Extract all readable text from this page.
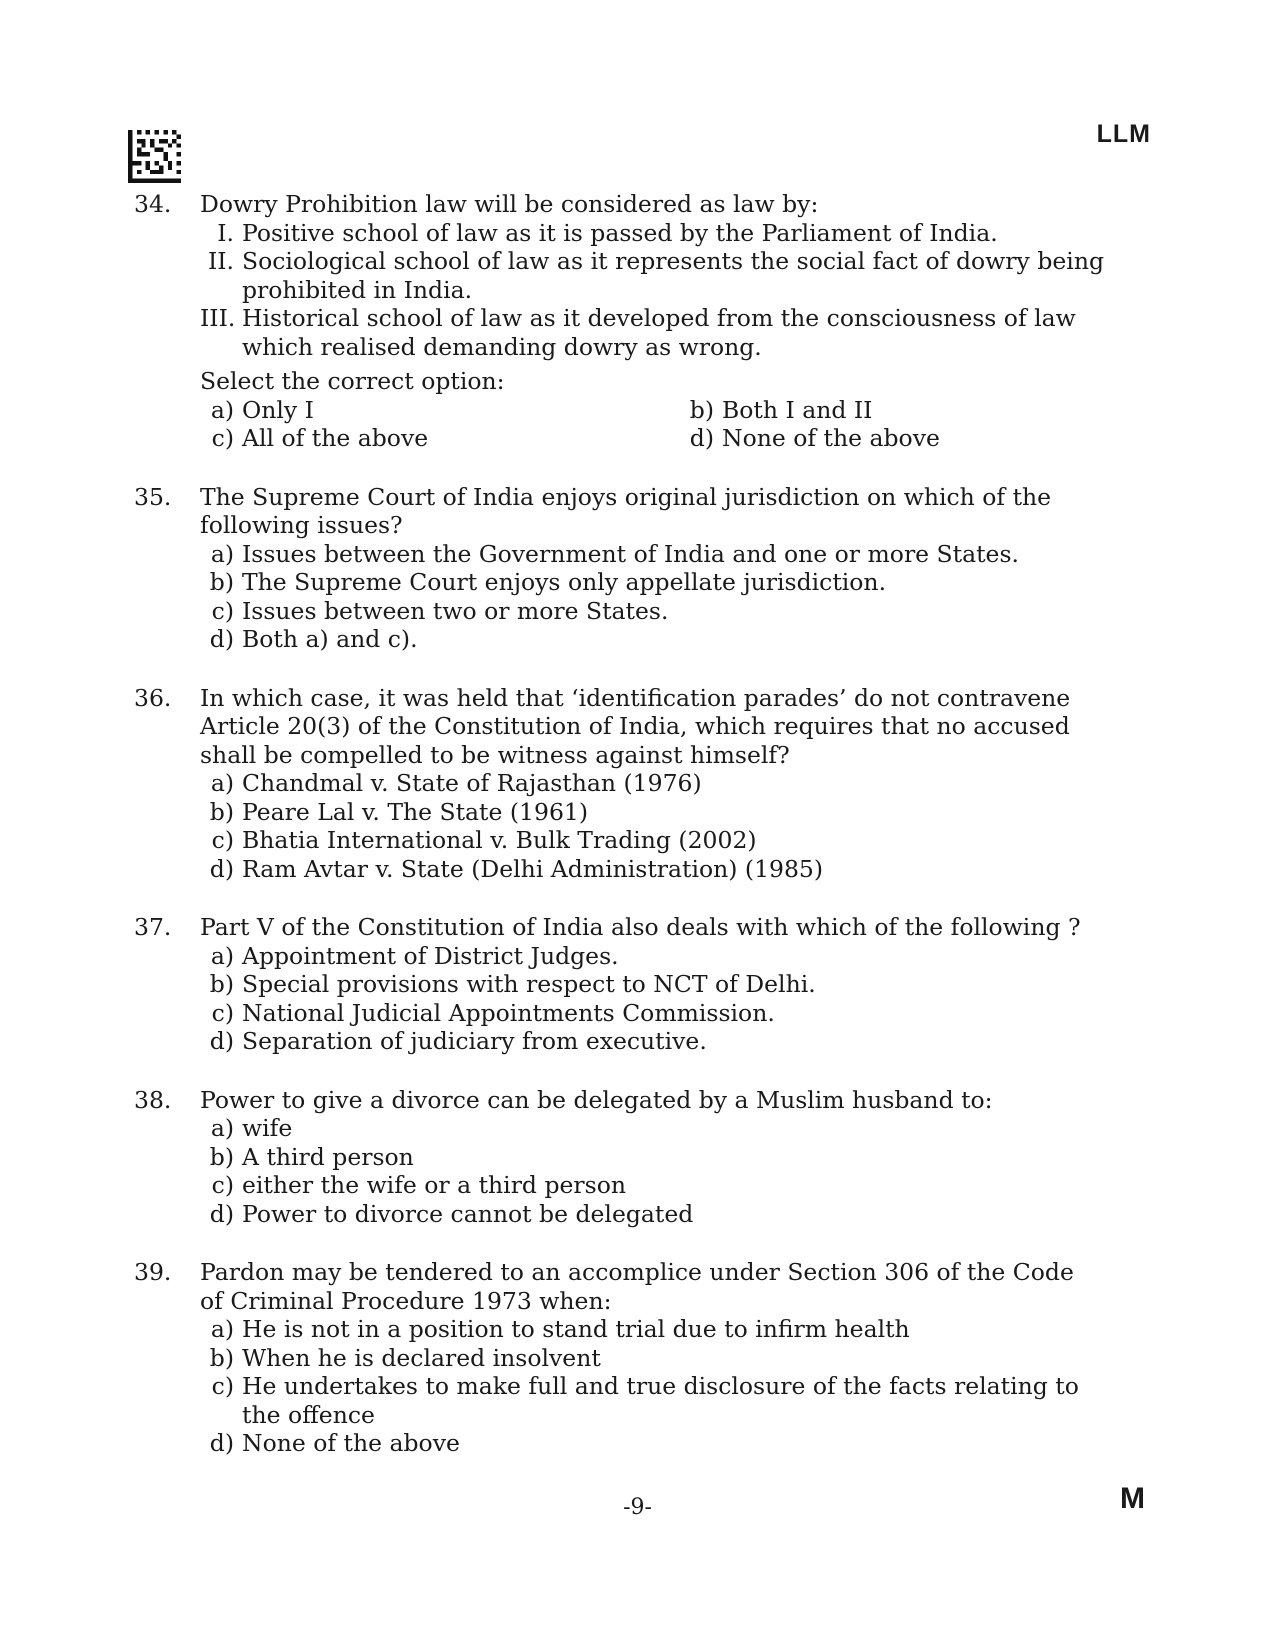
LLM
34.	Dowry Prohibition law will be considered as law by:
I. Positive school of law as it is passed by the Parliament of India.
II. Sociological school of law as it represents the social fact of dowry being prohibited in India.
III. Historical school of law as it developed from the consciousness of law which realised demanding dowry as wrong.
Select the correct option:
a) Only I	b) Both I and II
c) All of the above	d) None of the above
35.	The Supreme Court of India enjoys original jurisdiction on which of the following issues?
a) Issues between the Government of India and one or more States.
b) The Supreme Court enjoys only appellate jurisdiction.
c) Issues between two or more States.
d) Both a) and c).
36.	In which case, it was held that ‘identification parades’ do not contravene Article 20(3) of the Constitution of India, which requires that no accused shall be compelled to be witness against himself?
a) Chandmal v. State of Rajasthan (1976)
b) Peare Lal v. The State (1961)
c) Bhatia International v. Bulk Trading (2002)
d) Ram Avtar v. State (Delhi Administration) (1985)
37.	Part V of the Constitution of India also deals with which of the following ?
a) Appointment of District Judges.
b) Special provisions with respect to NCT of Delhi.
c) National Judicial Appointments Commission.
d) Separation of judiciary from executive.
38.	Power to give a divorce can be delegated by a Muslim husband to:
a) wife
b) A third person
c) either the wife or a third person
d) Power to divorce cannot be delegated
39.	Pardon may be tendered to an accomplice under Section 306 of the Code of Criminal Procedure 1973 when:
a) He is not in a position to stand trial due to infirm health
b) When he is declared insolvent
c) He undertakes to make full and true disclosure of the facts relating to the offence
d) None of the above
-9-	M
